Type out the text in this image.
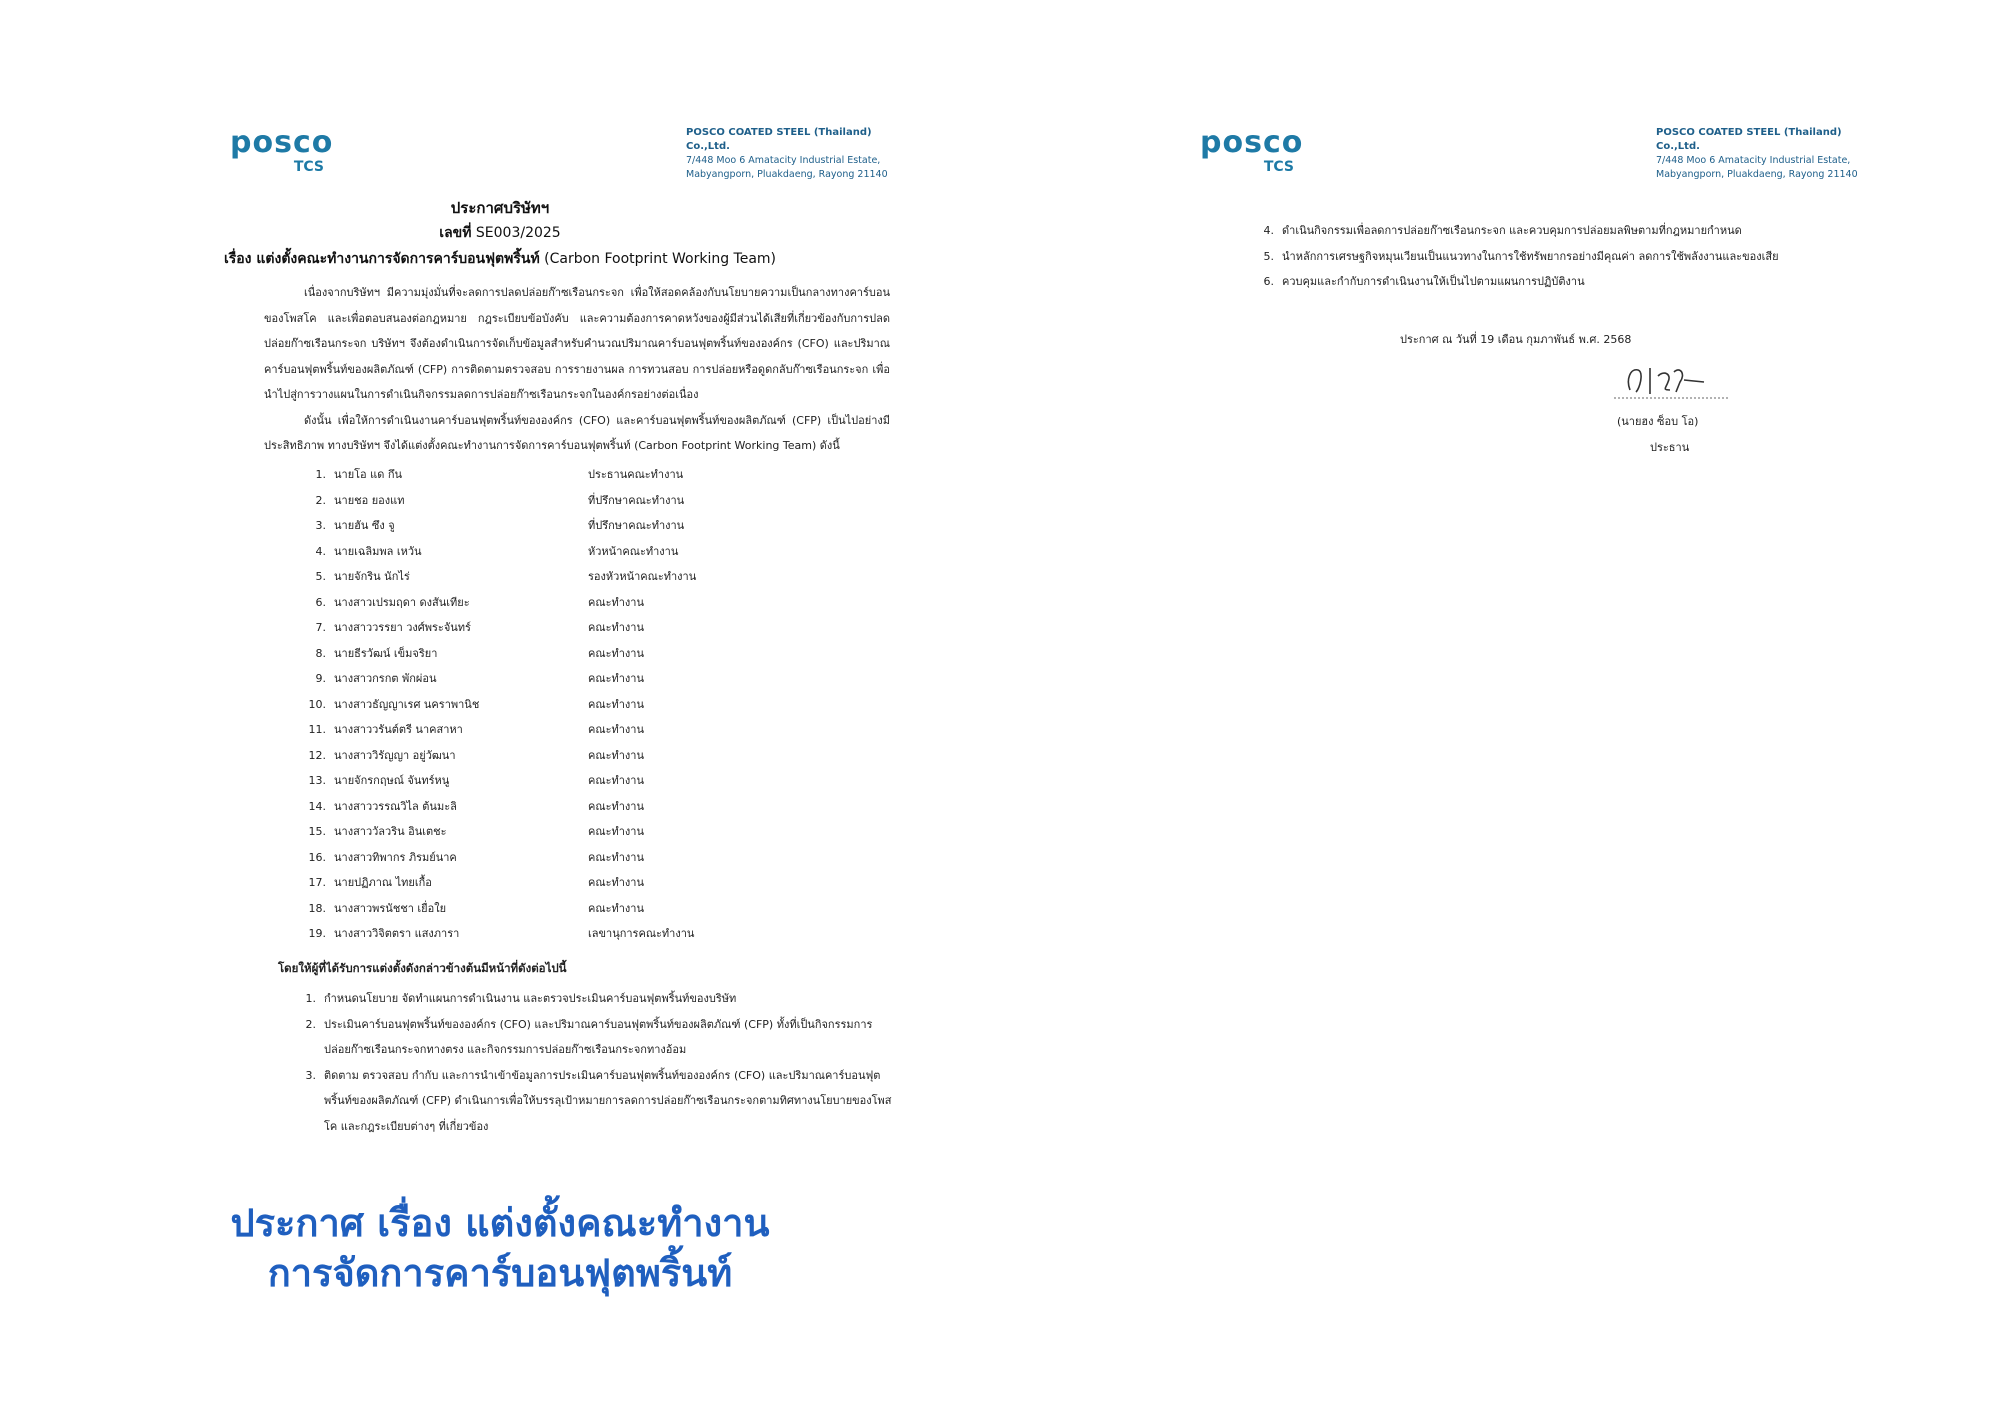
posco
TCS
POSCO COATED STEEL (Thailand) Co.,Ltd.
7/448 Moo 6 Amatacity Industrial Estate,
Mabyangporn, Pluakdaeng, Rayong 21140
ประกาศบริษัทฯ
เลขที่ SE003/2025
เรื่อง แต่งตั้งคณะทำงานการจัดการคาร์บอนฟุตพริ้นท์ (Carbon Footprint Working Team)

เนื่องจากบริษัทฯ มีความมุ่งมั่นที่จะลดการปลดปล่อยก๊าซเรือนกระจก เพื่อให้สอดคล้องกับนโยบายความเป็นกลางทางคาร์บอนของโพสโค และเพื่อตอบสนองต่อกฎหมาย กฎระเบียบข้อบังคับ และความต้องการคาดหวังของผู้มีส่วนได้เสียที่เกี่ยวข้องกับการปลดปล่อยก๊าซเรือนกระจก บริษัทฯ จึงต้องดำเนินการจัดเก็บข้อมูลสำหรับคำนวณปริมาณคาร์บอนฟุตพริ้นท์ขององค์กร (CFO) และปริมาณคาร์บอนฟุตพริ้นท์ของผลิตภัณฑ์ (CFP) การติดตามตรวจสอบ การรายงานผล การทวนสอบ การปล่อยหรือดูดกลับก๊าซเรือนกระจก เพื่อนำไปสู่การวางแผนในการดำเนินกิจกรรมลดการปล่อยก๊าซเรือนกระจกในองค์กรอย่างต่อเนื่อง

ดังนั้น เพื่อให้การดำเนินงานคาร์บอนฟุตพริ้นท์ขององค์กร (CFO) และคาร์บอนฟุตพริ้นท์ของผลิตภัณฑ์ (CFP) เป็นไปอย่างมีประสิทธิภาพ ทางบริษัทฯ จึงได้แต่งตั้งคณะทำงานการจัดการคาร์บอนฟุตพริ้นท์ (Carbon Footprint Working Team) ดังนี้

1. นายโอ แด กึน	ประธานคณะทำงาน
2. นายชอ ยองแท	ที่ปรึกษาคณะทำงาน
3. นายฮัน ซึง จู	ที่ปรึกษาคณะทำงาน
4. นายเฉลิมพล เหวัน	หัวหน้าคณะทำงาน
5. นายจักริน นักไร่	รองหัวหน้าคณะทำงาน
6. นางสาวเปรมฤดา ดงสันเทียะ	คณะทำงาน
7. นางสาววรรยา วงศ์พระจันทร์	คณะทำงาน
8. นายธีรวัฒน์ เข็มจริยา	คณะทำงาน
9. นางสาวกรกต พักผ่อน	คณะทำงาน
10. นางสาวธัญญาเรศ นคราพานิช	คณะทำงาน
11. นางสาววรันต์ตรี นาคสาหา	คณะทำงาน
12. นางสาววิรัญญา อยู่วัฒนา	คณะทำงาน
13. นายจักรกฤษณ์ จันทร์หนู	คณะทำงาน
14. นางสาววรรณวิไล ต้นมะลิ	คณะทำงาน
15. นางสาววัลวริน อินเตชะ	คณะทำงาน
16. นางสาวทิพากร ภิรมย์นาค	คณะทำงาน
17. นายปฏิภาณ ไทยเกื้อ	คณะทำงาน
18. นางสาวพรนัชชา เยื่อใย	คณะทำงาน
19. นางสาววิจิตตรา แสงภารา	เลขานุการคณะทำงาน
โดยให้ผู้ที่ได้รับการแต่งตั้งดังกล่าวข้างต้นมีหน้าที่ดังต่อไปนี้
1. กำหนดนโยบาย จัดทำแผนการดำเนินงาน และตรวจประเมินคาร์บอนฟุตพริ้นท์ของบริษัท
2. ประเมินคาร์บอนฟุตพริ้นท์ขององค์กร (CFO) และปริมาณคาร์บอนฟุตพริ้นท์ของผลิตภัณฑ์ (CFP) ทั้งที่เป็นกิจกรรมการปล่อยก๊าซเรือนกระจกทางตรง และกิจกรรมการปล่อยก๊าซเรือนกระจกทางอ้อม
3. ติดตาม ตรวจสอบ กำกับ และการนำเข้าข้อมูลการประเมินคาร์บอนฟุตพริ้นท์ขององค์กร (CFO) และปริมาณคาร์บอนฟุตพริ้นท์ของผลิตภัณฑ์ (CFP) ดำเนินการเพื่อให้บรรลุเป้าหมายการลดการปล่อยก๊าซเรือนกระจกตามทิศทางนโยบายของโพสโค และกฎระเบียบต่างๆ ที่เกี่ยวข้อง
ประกาศ เรื่อง แต่งตั้งคณะทำงาน
การจัดการคาร์บอนฟุตพริ้นท์
posco
TCS
POSCO COATED STEEL (Thailand) Co.,Ltd.
7/448 Moo 6 Amatacity Industrial Estate,
Mabyangporn, Pluakdaeng, Rayong 21140
4. ดำเนินกิจกรรมเพื่อลดการปล่อยก๊าซเรือนกระจก และควบคุมการปล่อยมลพิษตามที่กฎหมายกำหนด
5. นำหลักการเศรษฐกิจหมุนเวียนเป็นแนวทางในการใช้ทรัพยากรอย่างมีคุณค่า ลดการใช้พลังงานและของเสีย
6. ควบคุมและกำกับการดำเนินงานให้เป็นไปตามแผนการปฏิบัติงาน
ประกาศ ณ วันที่ 19 เดือน กุมภาพันธ์ พ.ศ. 2568
(นายฮง ซ็อบ โอ)
ประธาน
